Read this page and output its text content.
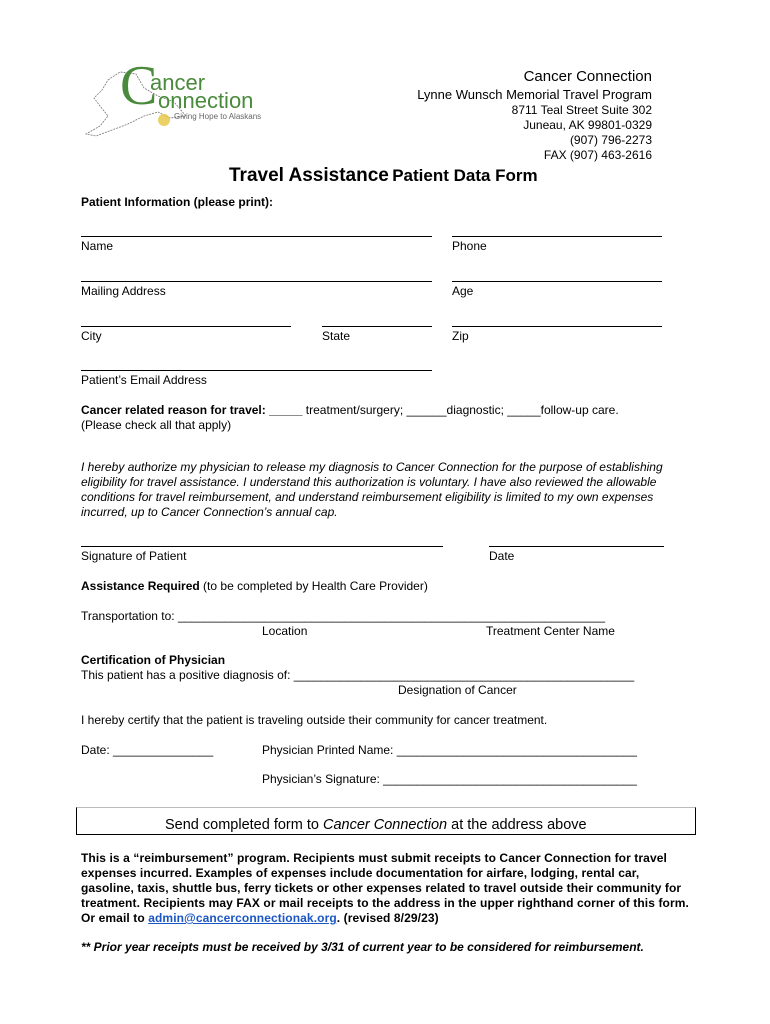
C
ancer
onnection
Giving Hope to Alaskans
Cancer Connection
Lynne Wunsch Memorial Travel Program
8711 Teal Street Suite 302
Juneau, AK 99801-0329
(907) 796-2273
FAX (907) 463-2616
Travel Assistance Patient Data Form
Patient Information (please print):
Name	Phone
Mailing Address	Age
City	State	Zip
Patient’s Email Address
Cancer related reason for travel: _____ treatment/surgery; ______diagnostic; _____follow-up care.
(Please check all that apply)
I hereby authorize my physician to release my diagnosis to Cancer Connection for the purpose of establishing eligibility for travel assistance. I understand this authorization is voluntary. I have also reviewed the allowable conditions for travel reimbursement, and understand reimbursement eligibility is limited to my own expenses incurred, up to Cancer Connection’s annual cap.
Signature of Patient	Date
Assistance Required (to be completed by Health Care Provider)
Transportation to: ________________________________________________________________
Location	Treatment Center Name
Certification of Physician
This patient has a positive diagnosis of: ___________________________________________________
Designation of Cancer
I hereby certify that the patient is traveling outside their community for cancer treatment.
Date: _______________	Physician Printed Name: ____________________________________
Physician’s Signature: ______________________________________
Send completed form to Cancer Connection at the address above
This is a “reimbursement” program. Recipients must submit receipts to Cancer Connection for travel expenses incurred. Examples of expenses include documentation for airfare, lodging, rental car, gasoline, taxis, shuttle bus, ferry tickets or other expenses related to travel outside their community for treatment. Recipients may FAX or mail receipts to the address in the upper righthand corner of this form. Or email to admin@cancerconnectionak.org. (revised 8/29/23)
** Prior year receipts must be received by 3/31 of current year to be considered for reimbursement.
